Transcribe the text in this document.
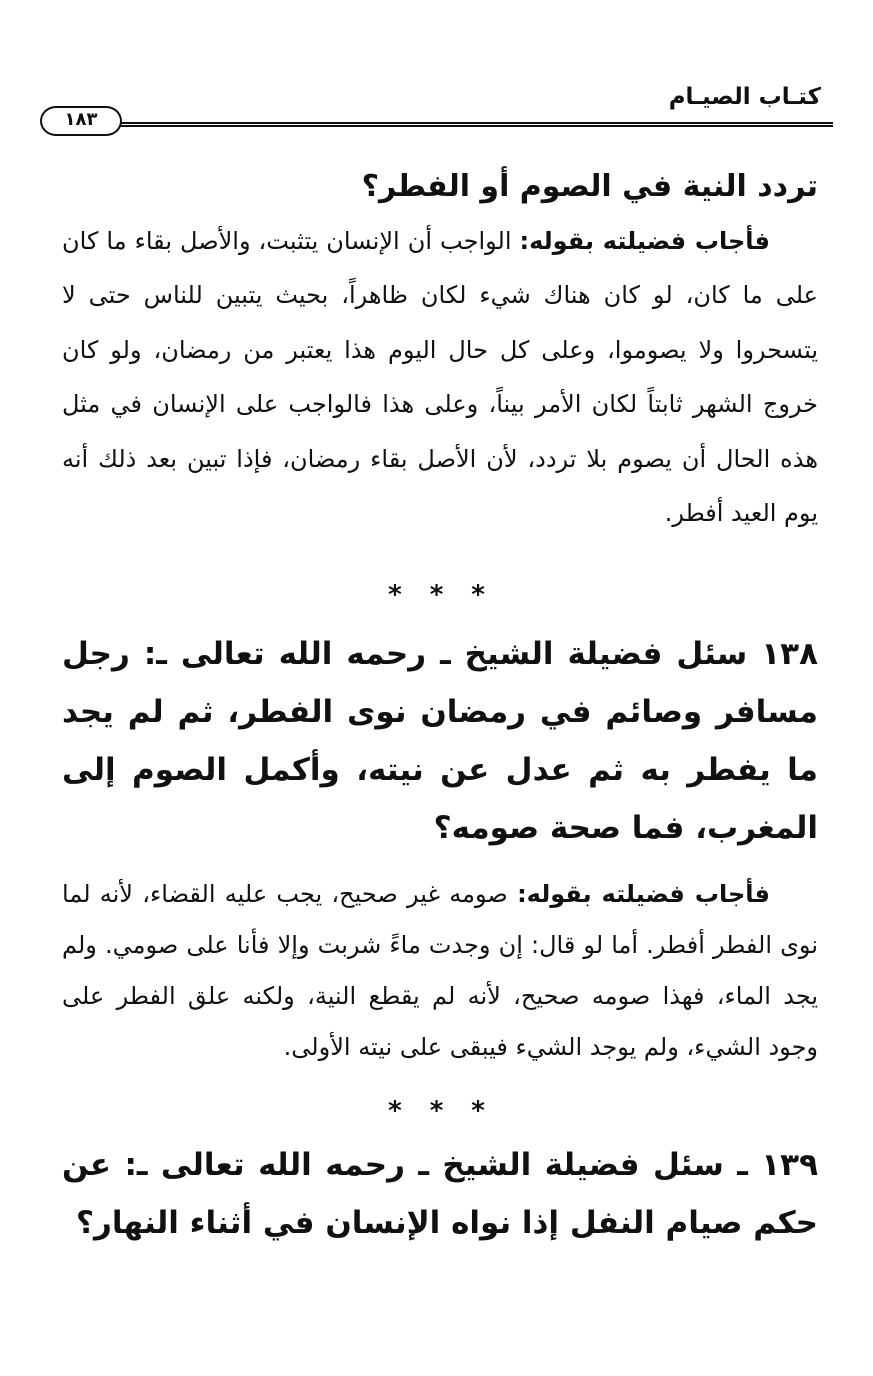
كتـاب الصيـام
١٨٣
تردد النية في الصوم أو الفطر؟

فأجاب فضيلته بقوله: الواجب أن الإنسان يتثبت، والأصل بقاء ما كان على ما كان، لو كان هناك شيء لكان ظاهراً، بحيث يتبين للناس حتى لا يتسحروا ولا يصوموا، وعلى كل حال اليوم هذا يعتبر من رمضان، ولو كان خروج الشهر ثابتاً لكان الأمر بيناً، وعلى هذا فالواجب على الإنسان في مثل هذه الحال أن يصوم بلا تردد، لأن الأصل بقاء رمضان، فإذا تبين بعد ذلك أنه يوم العيد أفطر.

* * *

١٣٨ سئل فضيلة الشيخ ـ رحمه الله تعالى ـ: رجل مسافر وصائم في رمضان نوى الفطر، ثم لم يجد ما يفطر به ثم عدل عن نيته، وأكمل الصوم إلى المغرب، فما صحة صومه؟

فأجاب فضيلته بقوله: صومه غير صحيح، يجب عليه القضاء، لأنه لما نوى الفطر أفطر. أما لو قال: إن وجدت ماءً شربت وإلا فأنا على صومي. ولم يجد الماء، فهذا صومه صحيح، لأنه لم يقطع النية، ولكنه علق الفطر على وجود الشيء، ولم يوجد الشيء فيبقى على نيته الأولى.

* * *

١٣٩ ـ سئل فضيلة الشيخ ـ رحمه الله تعالى ـ: عن حكم صيام النفل إذا نواه الإنسان في أثناء النهار؟
